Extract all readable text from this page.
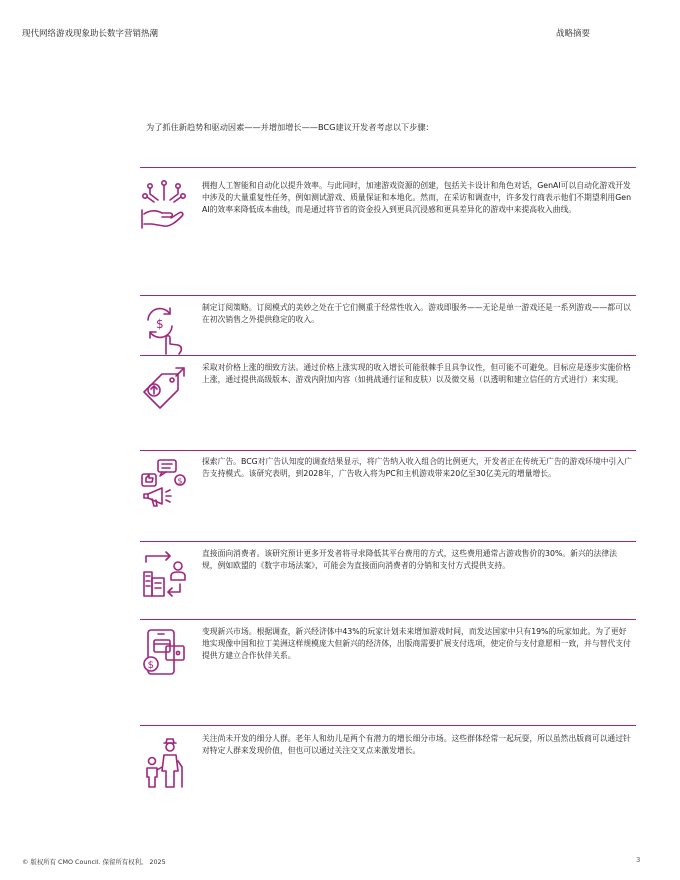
现代网络游戏现象助长数字营销热潮	战略摘要
为了抓住新趋势和驱动因素——并增加增长——BCG建议开发者考虑以下步骤：
拥抱人工智能和自动化以提升效率。与此同时，加速游戏资源的创建，包括关卡设计和角色对话，GenAI可以自动化游戏开发中涉及的大量重复性任务，例如测试游戏、质量保证和本地化。然而，在采访和调查中，许多发行商表示他们不期望利用GenAI的效率来降低成本曲线，而是通过将节省的资金投入到更具沉浸感和更具差异化的游戏中来提高收入曲线。
$
制定订阅策略。订阅模式的美妙之处在于它们侧重于经常性收入。游戏即服务——无论是单一游戏还是一系列游戏——都可以在初次销售之外提供稳定的收入。
采取对价格上涨的细致方法。通过价格上涨实现的收入增长可能很棘手且具争议性，但可能不可避免。目标应是逐步实施价格上涨，通过提供高级版本、游戏内附加内容（如挑战通行证和皮肤）以及微交易（以透明和建立信任的方式进行）来实现。
$
探索广告。BCG对广告认知度的调查结果显示，将广告纳入收入组合的比例更大，开发者正在传统无广告的游戏环境中引入广告支持模式。该研究表明，到2028年，广告收入将为PC和主机游戏带来20亿至30亿美元的增量增长。
直接面向消费者。该研究预计更多开发者将寻求降低其平台费用的方式，这些费用通常占游戏售价的30%。新兴的法律法规，例如欧盟的《数字市场法案》，可能会为直接面向消费者的分销和支付方式提供支持。
$
变现新兴市场。根据调查，新兴经济体中43%的玩家计划未来增加游戏时间，而发达国家中只有19%的玩家如此。为了更好地实现像中国和拉丁美洲这样规模庞大但新兴的经济体，出版商需要扩展支付选项，使定价与支付意愿相一致，并与替代支付提供方建立合作伙伴关系。
关注尚未开发的细分人群。老年人和幼儿是两个有潜力的增长细分市场。这些群体经常一起玩耍，所以虽然出版商可以通过针对特定人群来发现价值，但也可以通过关注交叉点来激发增长。
© 版权所有 CMO Council. 保留所有权利。 2025	3
